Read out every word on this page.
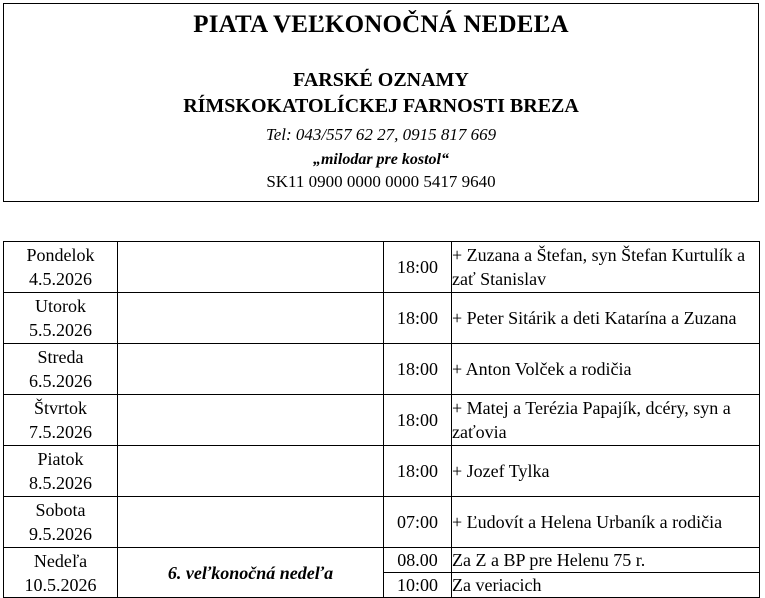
PIATA VEĽKONOČNÁ NEDEĽA
FARSKÉ OZNAMY
RÍMSKOKATOLÍCKEJ FARNOSTI BREZA
Tel: 043/557 62 27, 0915 817 669
„milodar pre kostol“
SK11 0900 0000 0000 5417 9640
Pondelok
4.5.2026		18:00	+ Zuzana a Štefan, syn Štefan Kurtulík a zať Stanislav
Utorok
5.5.2026		18:00	+ Peter Sitárik a deti Katarína a Zuzana
Streda
6.5.2026		18:00	+ Anton Volček a rodičia
Štvrtok
7.5.2026		18:00	+ Matej a Terézia Papajík, dcéry, syn a zaťovia
Piatok
8.5.2026		18:00	+ Jozef Tylka
Sobota
9.5.2026		07:00	+ Ľudovít a Helena Urbaník a rodičia
Nedeľa
10.5.2026	6. veľkonočná nedeľa	08.00	Za Z a BP pre Helenu 75 r.
		10:00	Za veriacich
